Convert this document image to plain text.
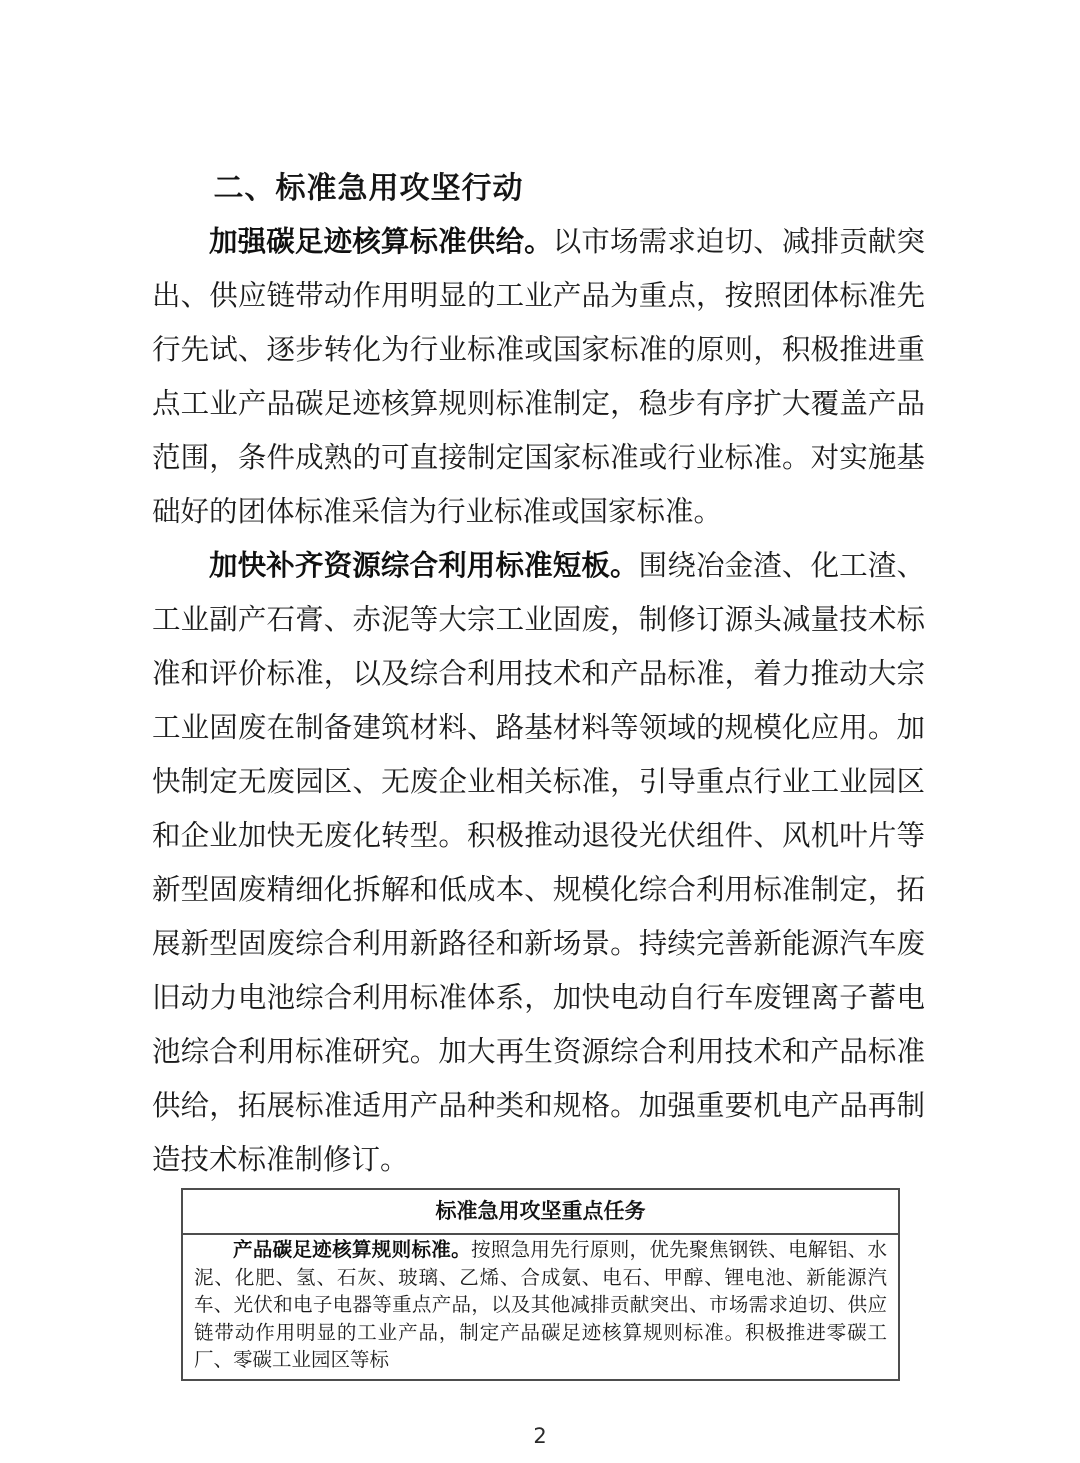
二、标准急用攻坚行动

加强碳足迹核算标准供给。以市场需求迫切、减排贡献突出、供应链带动作用明显的工业产品为重点，按照团体标准先行先试、逐步转化为行业标准或国家标准的原则，积极推进重点工业产品碳足迹核算规则标准制定，稳步有序扩大覆盖产品范围，条件成熟的可直接制定国家标准或行业标准。对实施基础好的团体标准采信为行业标准或国家标准。

加快补齐资源综合利用标准短板。围绕冶金渣、化工渣、工业副产石膏、赤泥等大宗工业固废，制修订源头减量技术标准和评价标准，以及综合利用技术和产品标准，着力推动大宗工业固废在制备建筑材料、路基材料等领域的规模化应用。加快制定无废园区、无废企业相关标准，引导重点行业工业园区和企业加快无废化转型。积极推动退役光伏组件、风机叶片等新型固废精细化拆解和低成本、规模化综合利用标准制定，拓展新型固废综合利用新路径和新场景。持续完善新能源汽车废旧动力电池综合利用标准体系，加快电动自行车废锂离子蓄电池综合利用标准研究。加大再生资源综合利用技术和产品标准供给，拓展标准适用产品种类和规格。加强重要机电产品再制造技术标准制修订。

标准急用攻坚重点任务
产品碳足迹核算规则标准。按照急用先行原则，优先聚焦钢铁、电解铝、水泥、化肥、氢、石灰、玻璃、乙烯、合成氨、电石、甲醇、锂电池、新能源汽车、光伏和电子电器等重点产品，以及其他减排贡献突出、市场需求迫切、供应链带动作用明显的工业产品，制定产品碳足迹核算规则标准。积极推进零碳工厂、零碳工业园区等标
2
